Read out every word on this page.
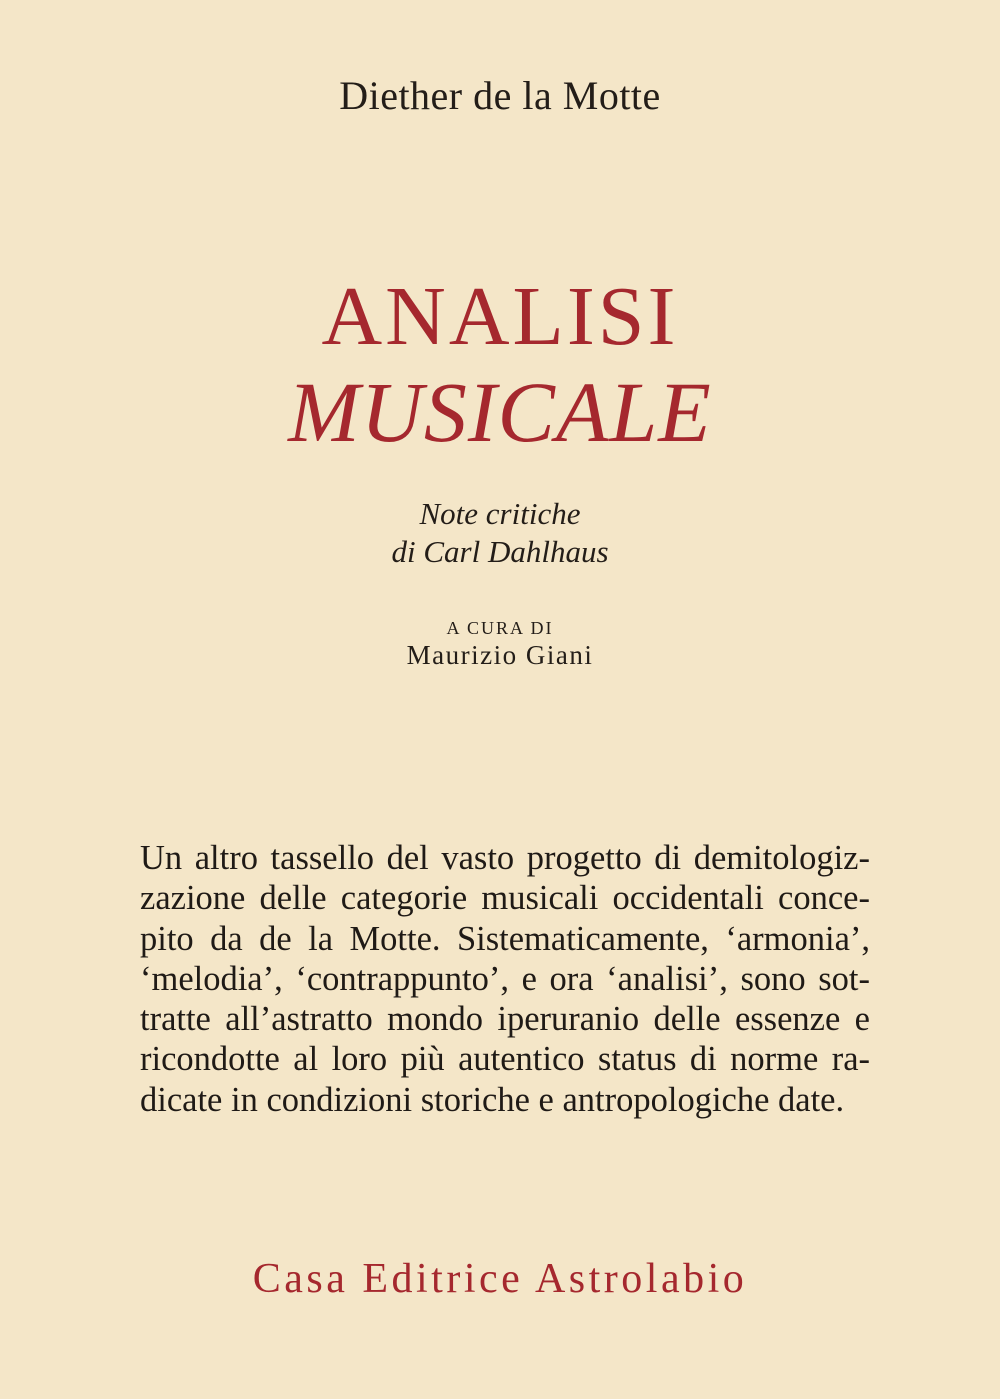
Diether de la Motte
ANALISI
MUSICALE
Note critiche
di Carl Dahlhaus
A CURA DI
Maurizio Giani

Un altro tassello del vasto progetto di demitologiz-
zazione delle categorie musicali occidentali conce-
pito da de la Motte. Sistematicamente, ‘armonia’,
‘melodia’, ‘contrappunto’, e ora ‘analisi’, sono sot-
tratte all’astratto mondo iperuranio delle essenze e
ricondotte al loro più autentico status di norme ra-
dicate in condizioni storiche e antropologiche date.

Casa Editrice Astrolabio
